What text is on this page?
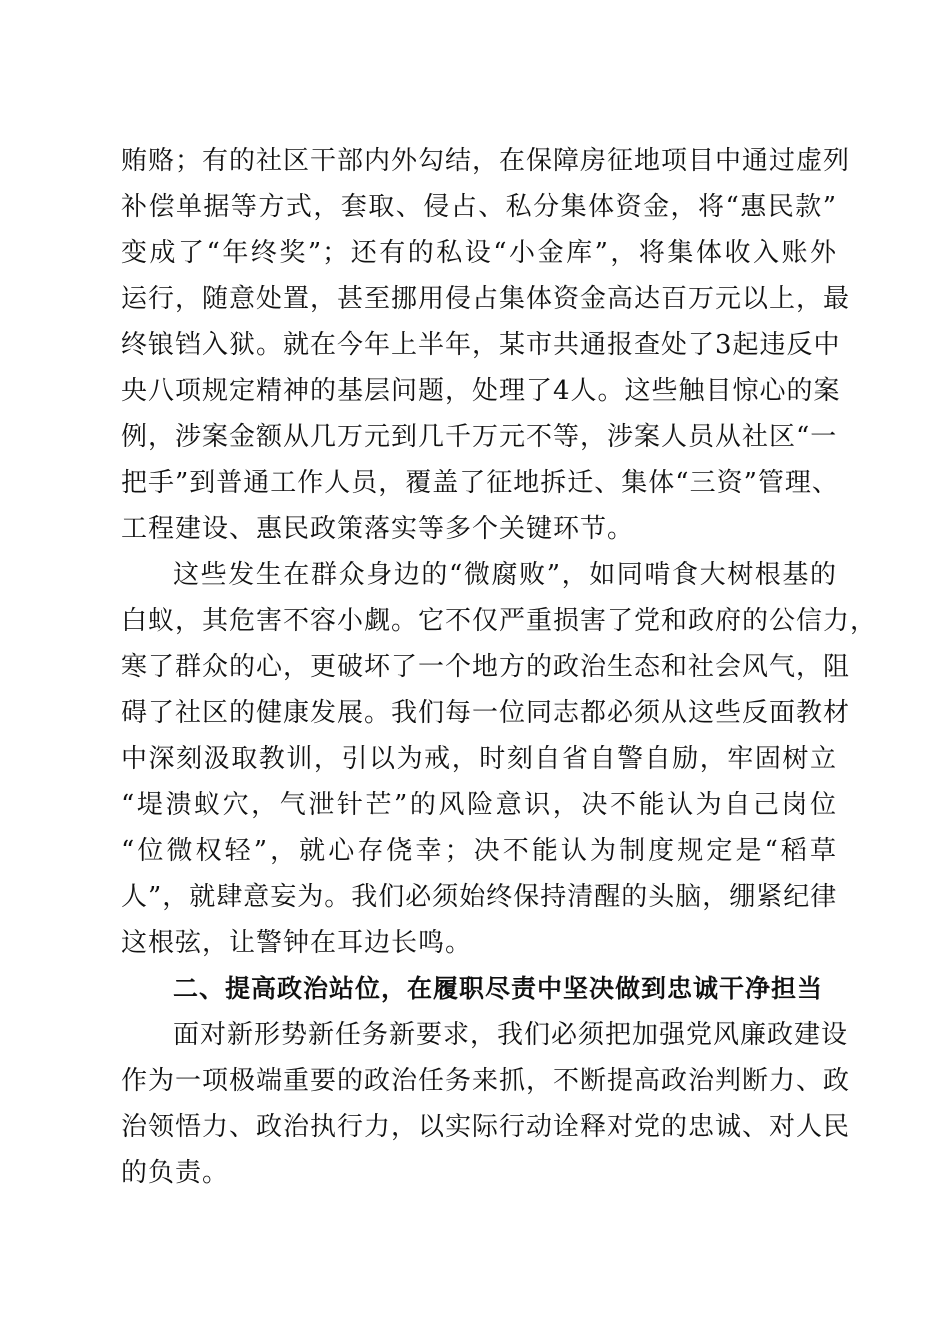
贿赂；有的社区干部内外勾结，在保障房征地项目中通过虚列
补偿单据等方式，套取、侵占、私分集体资金，将“惠民款”
变成了“年终奖”；还有的私设“小金库”，将集体收入账外
运行，随意处置，甚至挪用侵占集体资金高达百万元以上，最
终锒铛入狱。就在今年上半年，某市共通报查处了3起违反中
央八项规定精神的基层问题，处理了4人。这些触目惊心的案
例，涉案金额从几万元到几千万元不等，涉案人员从社区“一
把手”到普通工作人员，覆盖了征地拆迁、集体“三资”管理、
工程建设、惠民政策落实等多个关键环节。
这些发生在群众身边的“微腐败”，如同啃食大树根基的
白蚁，其危害不容小觑。它不仅严重损害了党和政府的公信力，
寒了群众的心，更破坏了一个地方的政治生态和社会风气，阻
碍了社区的健康发展。我们每一位同志都必须从这些反面教材
中深刻汲取教训，引以为戒，时刻自省自警自励，牢固树立
“堤溃蚁穴，气泄针芒”的风险意识，决不能认为自己岗位
“位微权轻”，就心存侥幸；决不能认为制度规定是“稻草
人”，就肆意妄为。我们必须始终保持清醒的头脑，绷紧纪律
这根弦，让警钟在耳边长鸣。
二、提高政治站位，在履职尽责中坚决做到忠诚干净担当
面对新形势新任务新要求，我们必须把加强党风廉政建设
作为一项极端重要的政治任务来抓，不断提高政治判断力、政
治领悟力、政治执行力，以实际行动诠释对党的忠诚、对人民
的负责。
